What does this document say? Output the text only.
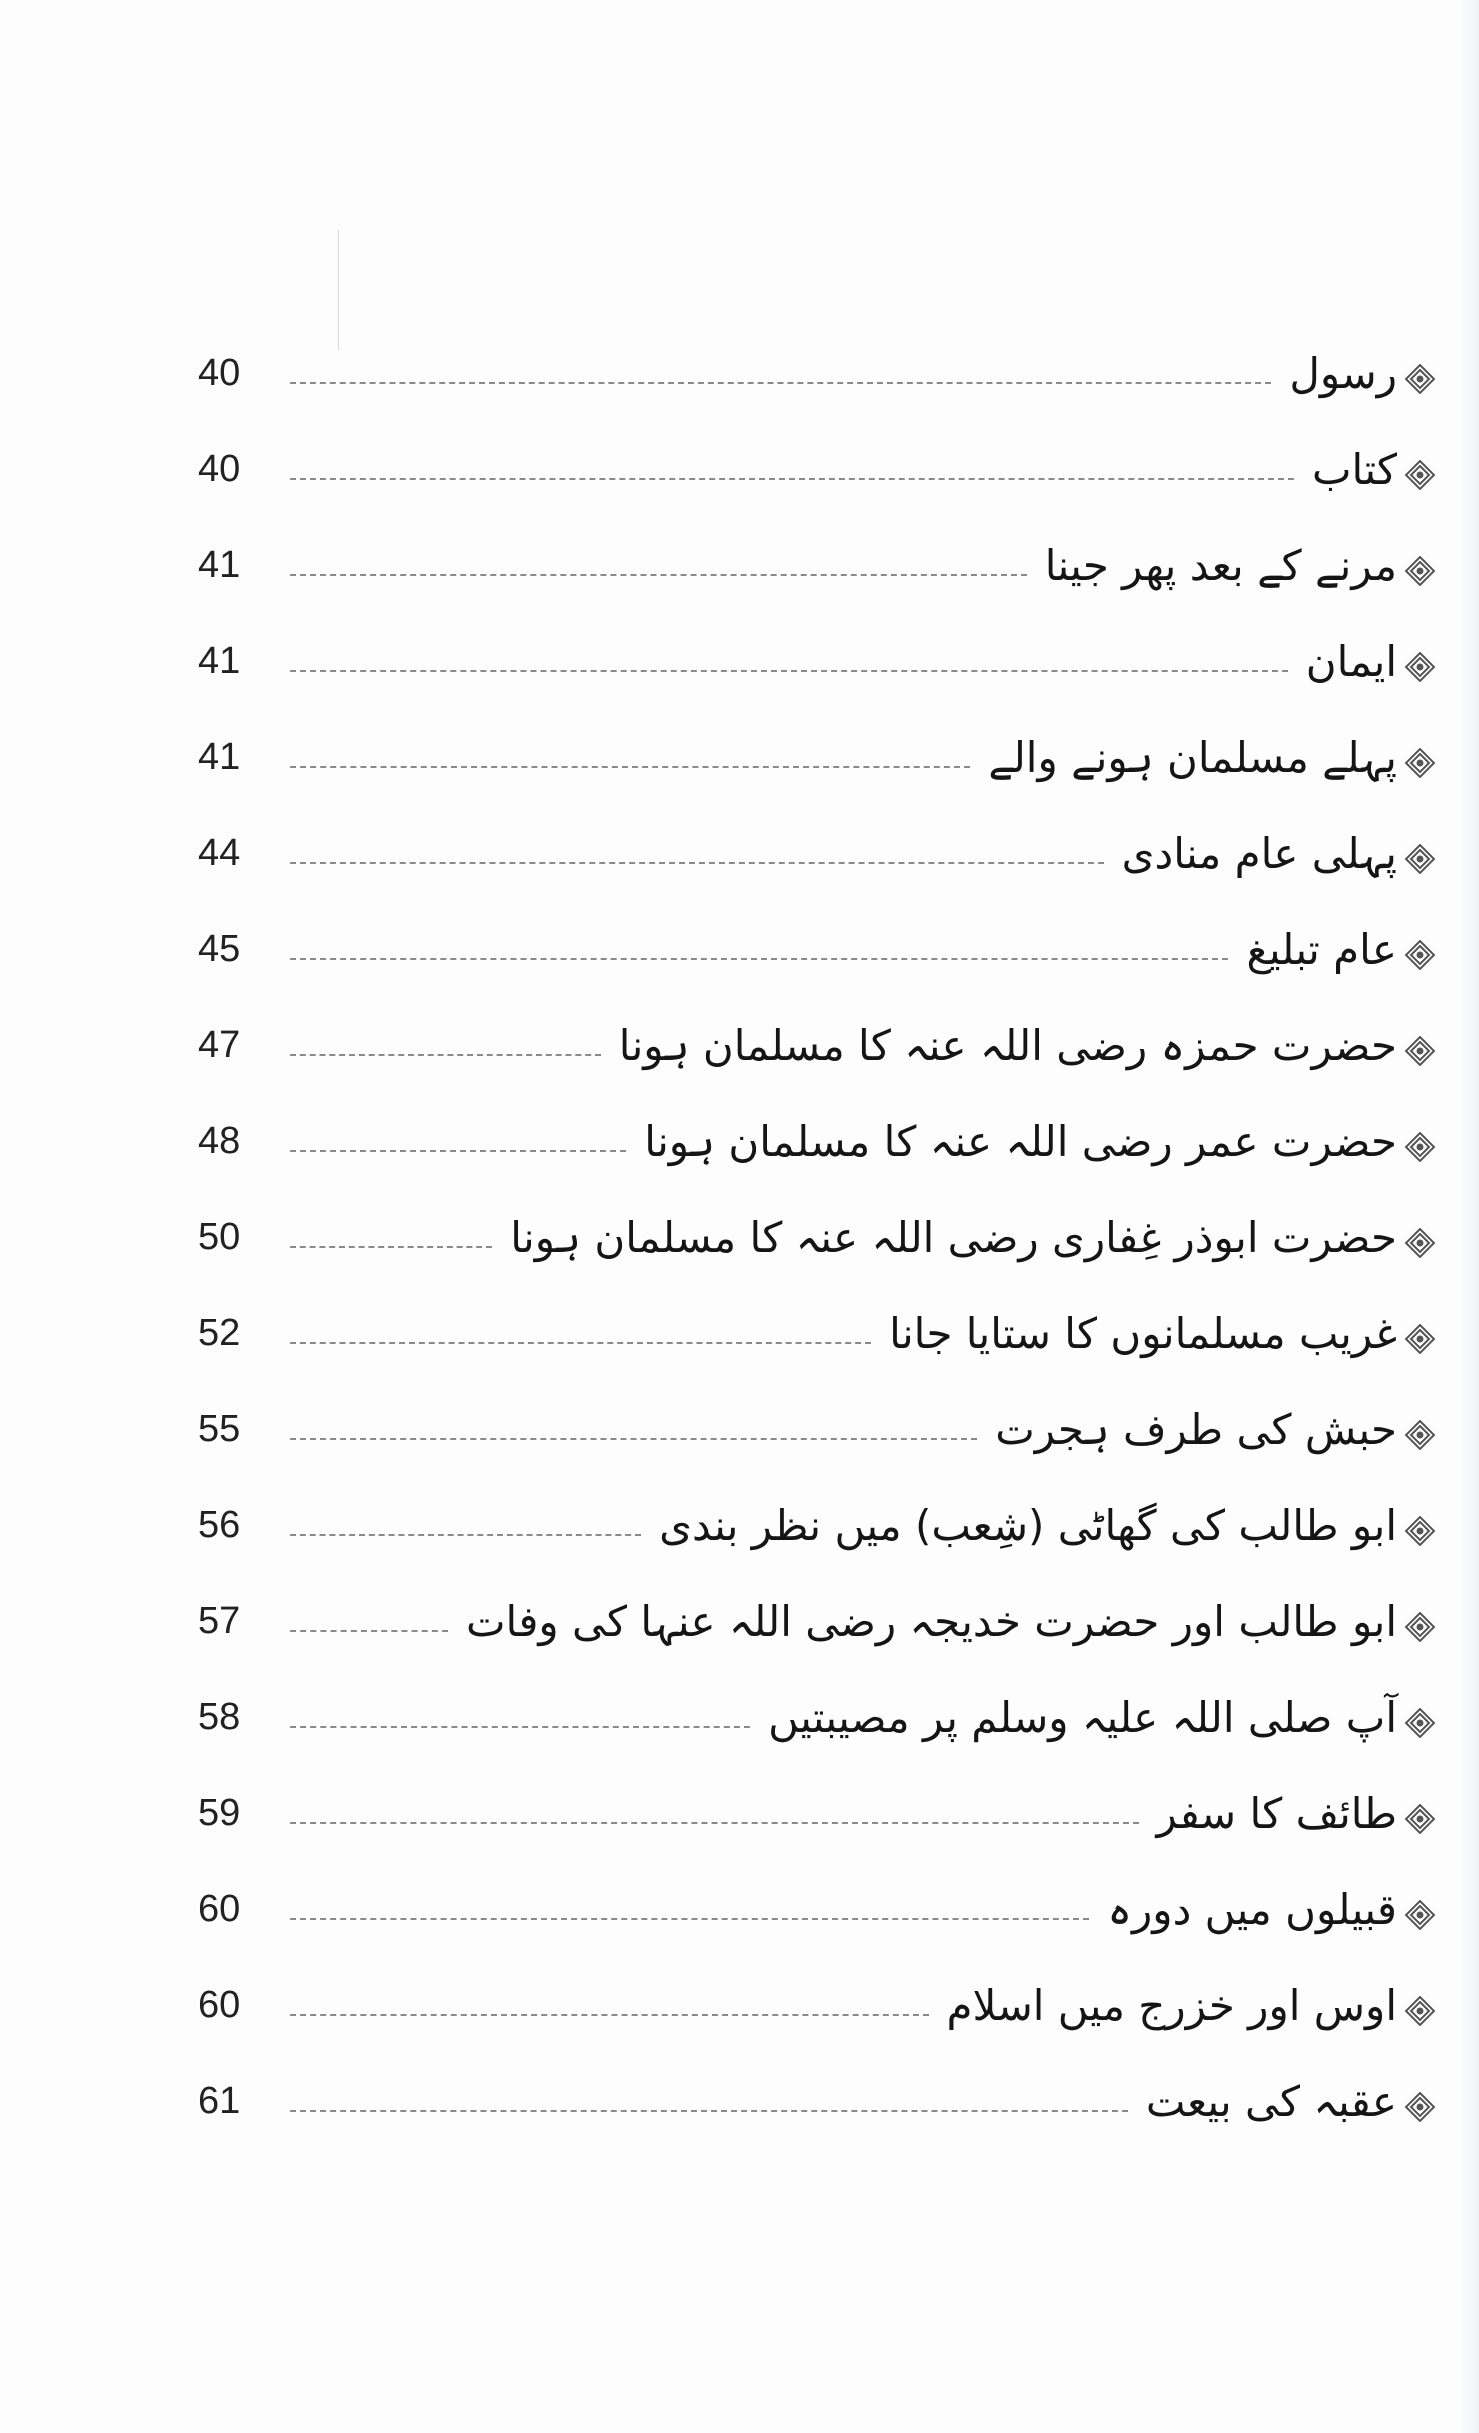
40	رسول
40	کتاب
41	مرنے کے بعد پھر جینا
41	ایمان
41	پہلے مسلمان ہونے والے
44	پہلی عام منادی
45	عام تبلیغ
47	حضرت حمزہ رضی اللہ عنہ کا مسلمان ہونا
48	حضرت عمر رضی اللہ عنہ کا مسلمان ہونا
50	حضرت ابوذر غِفاری رضی اللہ عنہ کا مسلمان ہونا
52	غریب مسلمانوں کا ستایا جانا
55	حبش کی طرف ہجرت
56	ابو طالب کی گھاٹی (شِعب) میں نظر بندی
57	ابو طالب اور حضرت خدیجہ رضی اللہ عنہا کی وفات
58	آپ صلی اللہ علیہ وسلم پر مصیبتیں
59	طائف کا سفر
60	قبیلوں میں دورہ
60	اوس اور خزرج میں اسلام
61	عقبہ کی بیعت
